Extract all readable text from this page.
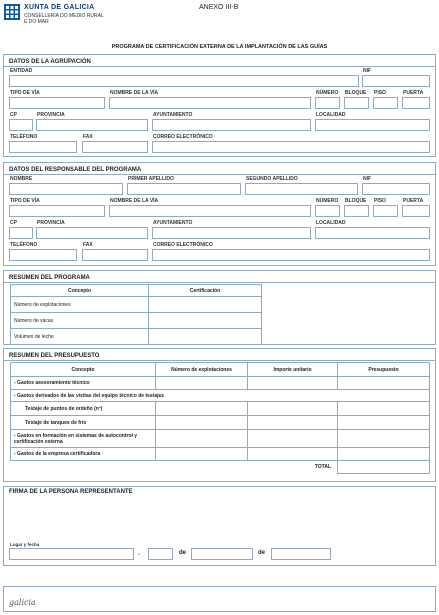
XUNTA DE GALICIA
CONSELLERÍA DO MEDIO RURAL
E DO MAR
ANEXO III-B
PROGRAMA DE CERTIFICACIÓN EXTERNA DE LA IMPLANTACIÓN DE LAS GUÍAS
DATOS DE LA AGRUPACIÓN
ENTIDAD	NIF
TIPO DE VÍA	NOMBRE DE LA VÍA	NÚMERO BLOQUE PISO	PUERTA
CP	PROVINCIA	AYUNTAMIENTO	LOCALIDAD
TELÉFONO	FAX	CORREO ELECTRÓNICO
DATOS DEL RESPONSABLE DEL PROGRAMA
NOMBRE	PRIMER APELLIDO	SEGUNDO APELLIDO	NIF
TIPO DE VÍA	NOMBRE DE LA VÍA	NÚMERO BLOQUE PISO	PUERTA
CP	PROVINCIA	AYUNTAMIENTO	LOCALIDAD
TELÉFONO	FAX	CORREO ELECTRÓNICO
RESUMEN DEL PROGRAMA
Concepto	Certificación
Número de explotaciones	
Número de vacas	
Volumen de leche	
RESUMEN DEL PRESUPUESTO
Concepto	Número de explotaciones	Importe unitario	Presupuesto
- Gastos asesoramiento técnico			
- Gastos derivados de las visitas del equipo técnico de testajes			
Testaje de puntos de ordeño (nº)			
Testaje de tanques de frío			
- Gastos en formación en sistemas de autocontrol y certificación externa			
- Gastos de la empresa certificadora			
TOTAL			
FIRMA DE LA PERSONA REPRESENTANTE
Lugar y fecha
,	de	de
galicia
